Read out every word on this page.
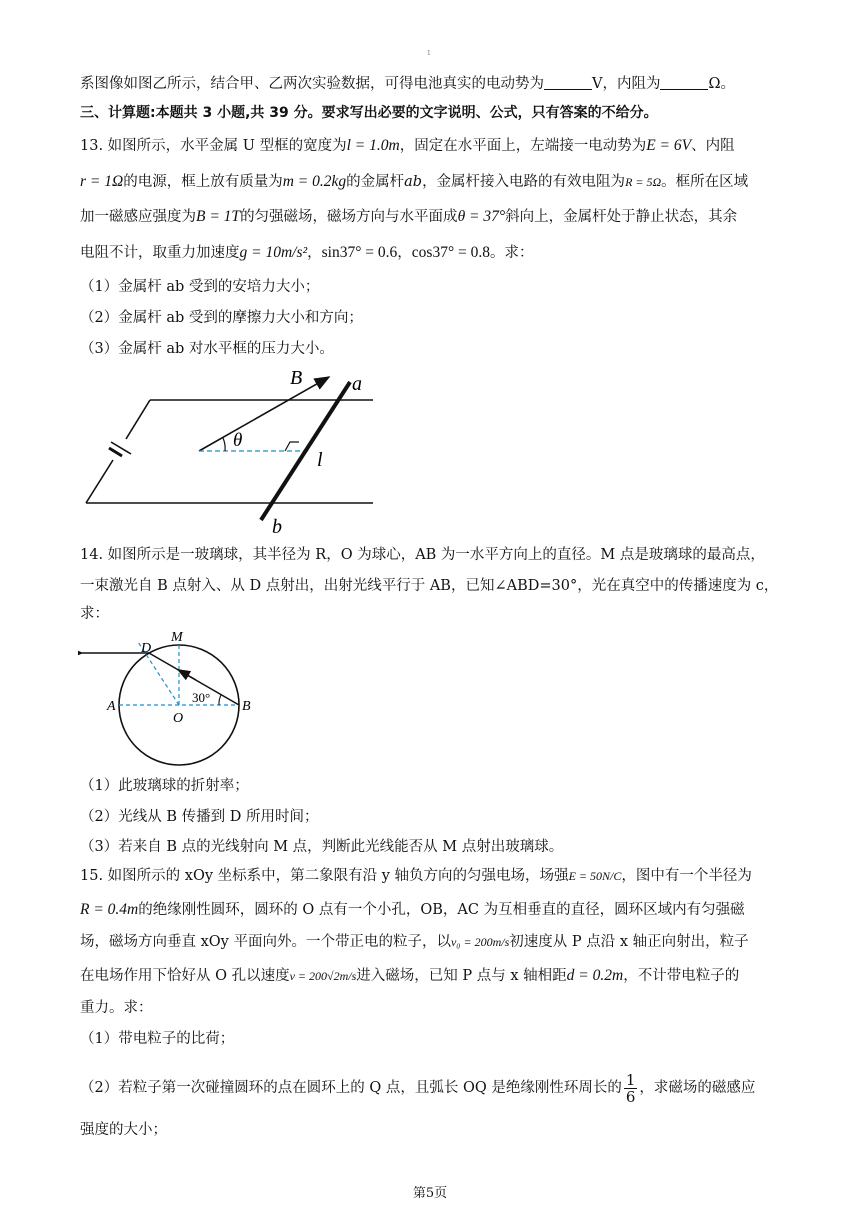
1
系图像如图乙所示，结合甲、乙两次实验数据，可得电池真实的电动势为	V，内阻为	Ω。
三、计算题:本题共 3 小题,共 39 分。要求写出必要的文字说明、公式，只有答案的不给分。
13. 如图所示，水平金属 U 型框的宽度为l = 1.0m，固定在水平面上，左端接一电动势为E = 6V、内阻
r = 1Ω的电源，框上放有质量为m = 0.2kg的金属杆ab，金属杆接入电路的有效电阻为R = 5Ω。框所在区域
加一磁感应强度为B = 1T的匀强磁场，磁场方向与水平面成θ = 37°斜向上，金属杆处于静止状态，其余
电阻不计，取重力加速度g = 10m/s²，sin37° = 0.6，cos37° = 0.8。求：
（1）金属杆 ab 受到的安培力大小；
（2）金属杆 ab 受到的摩擦力大小和方向；
（3）金属杆 ab 对水平框的压力大小。
B a
θ
l
b
14. 如图所示是一玻璃球，其半径为 R，O 为球心，AB 为一水平方向上的直径。M 点是玻璃球的最高点，
一束激光自 B 点射入、从 D 点射出，出射光线平行于 AB，已知∠ABD=30°，光在真空中的传播速度为 c，
求：
D
M
A
O
B
30°
（1）此玻璃球的折射率；
（2）光线从 B 传播到 D 所用时间；
（3）若来自 B 点的光线射向 M 点，判断此光线能否从 M 点射出玻璃球。
15. 如图所示的 xOy 坐标系中，第二象限有沿 y 轴负方向的匀强电场，场强E = 50N/C，图中有一个半径为
R = 0.4m的绝缘刚性圆环，圆环的 O 点有一个小孔，OB，AC 为互相垂直的直径，圆环区域内有匀强磁
场，磁场方向垂直 xOy 平面向外。一个带正电的粒子，以v₀ = 200m/s初速度从 P 点沿 x 轴正向射出，粒子
在电场作用下恰好从 O 孔以速度v = 200√2m/s进入磁场，已知 P 点与 x 轴相距d = 0.2m，不计带电粒子的
重力。求：
（1）带电粒子的比荷；
（2）若粒子第一次碰撞圆环的点在圆环上的 Q 点，且弧长 OQ 是绝缘刚性环周长的 $\frac{1}{6}$ ，求磁场的磁感应
强度的大小；
第5页
